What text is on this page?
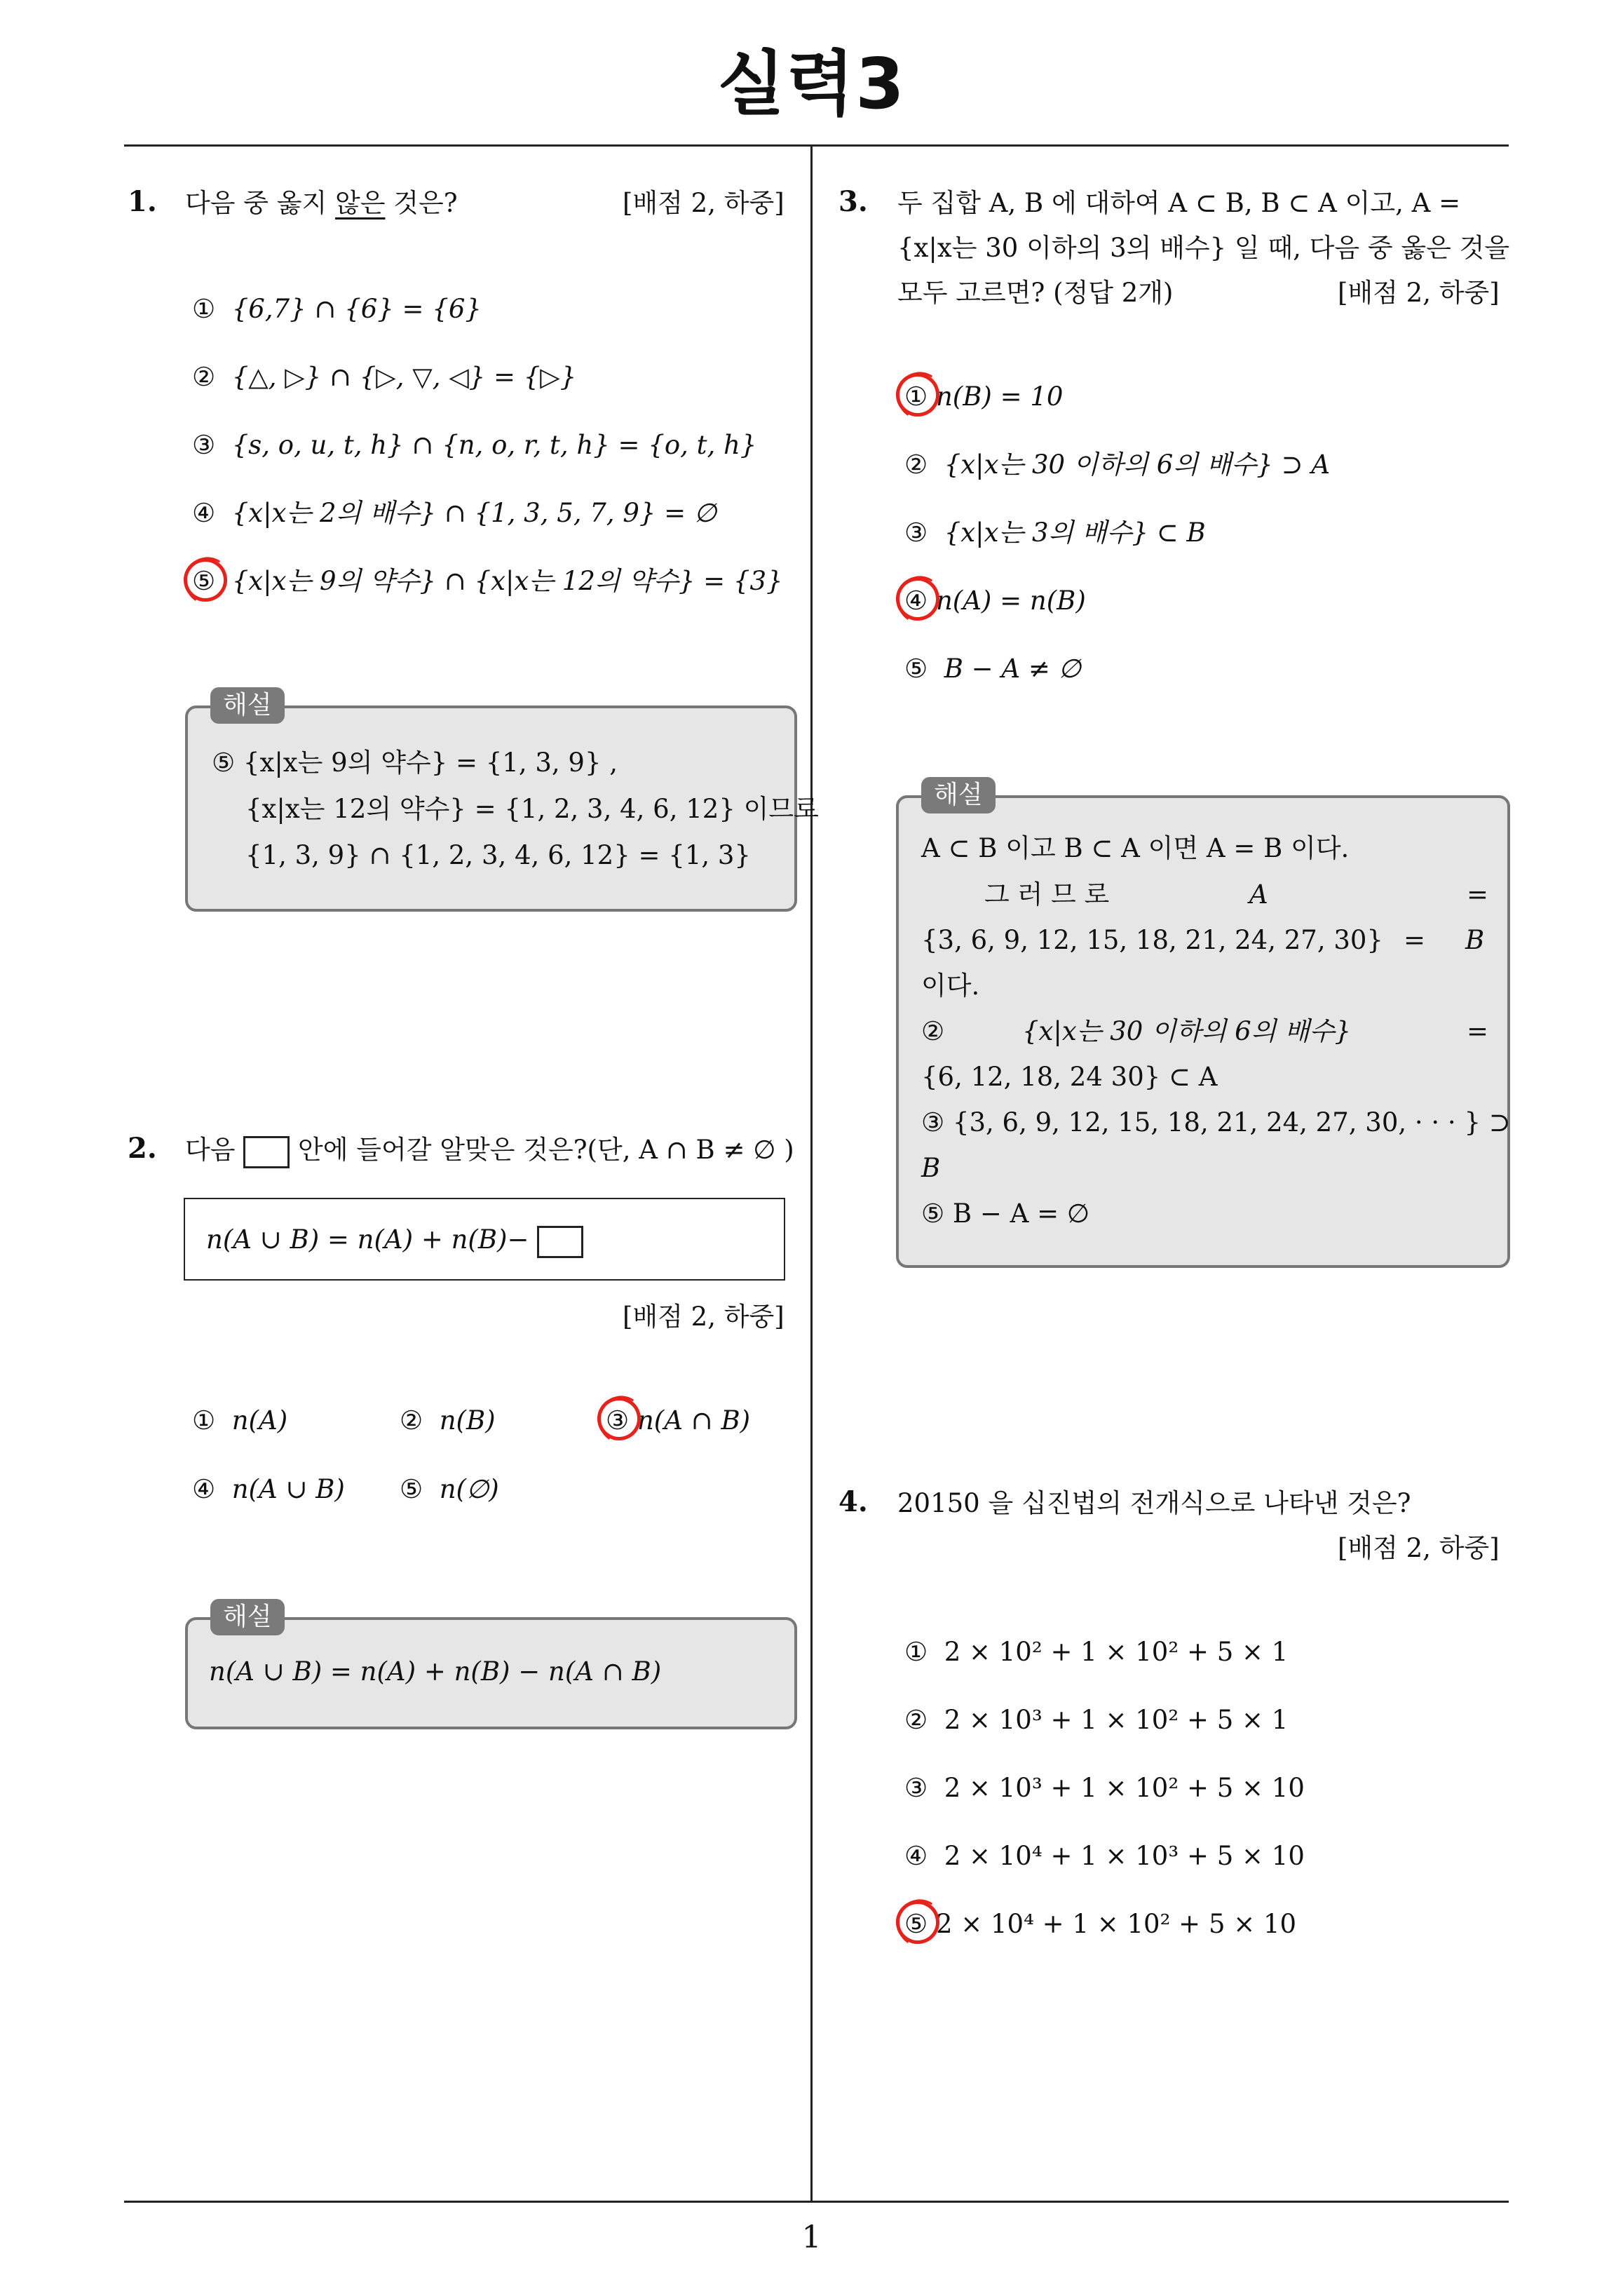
실력3
1. 다음 중 옳지 않은 것은?	[배점 2, 하중]
① {6,7} ∩ {6} = {6}
② {△, ▷} ∩ {▷, ▽, ◁} = {▷}
③ {s, o, u, t, h} ∩ {n, o, r, t, h} = {o, t, h}
④ {x|x는 2의 배수} ∩ {1, 3, 5, 7, 9} = ∅
⑤ {x|x는 9의 약수} ∩ {x|x는 12의 약수} = {3}
⑤ {x|x는 9의 약수} = {1, 3, 9} ,
{x|x는 12의 약수} = {1, 2, 3, 4, 6, 12} 이므로
{1, 3, 9} ∩ {1, 2, 3, 4, 6, 12} = {1, 3}
해설
2. 다음 안에 들어갈 알맞은 것은?(단, A ∩ B ≠ ∅ )
n(A ∪ B) = n(A) + n(B)−
[배점 2, 하중]
① n(A)	② n(B)	③ n(A ∩ B)
④ n(A ∪ B) ⑤ n(∅)
n(A ∪ B) = n(A) + n(B) − n(A ∩ B)
해설
3. 두 집합 A, B 에 대하여 A ⊂ B, B ⊂ A 이고, A =
{x|x는 30 이하의 3의 배수} 일 때, 다음 중 옳은 것을
모두 고르면? (정답 2개)	[배점 2, 하중]
① n(B) = 10
② {x|x는 30 이하의 6의 배수} ⊃ A
③ {x|x는 3의 배수} ⊂ B
④ n(A) = n(B)
⑤ B − A ≠ ∅
A ⊂ B 이고 B ⊂ A 이면 A = B 이다.
그 러 므 로	A	=
{3, 6, 9, 12, 15, 18, 21, 24, 27, 30} = B
이다.
②	{x|x는 30 이하의 6의 배수}	=
{6, 12, 18, 24 30} ⊂ A
③ {3, 6, 9, 12, 15, 18, 21, 24, 27, 30, · · · } ⊃
B
⑤ B − A = ∅
해설
4. 20150 을 십진법의 전개식으로 나타낸 것은?
[배점 2, 하중]
① 2 × 10² + 1 × 10² + 5 × 1
② 2 × 10³ + 1 × 10² + 5 × 1
③ 2 × 10³ + 1 × 10² + 5 × 10
④ 2 × 10⁴ + 1 × 10³ + 5 × 10
⑤ 2 × 10⁴ + 1 × 10² + 5 × 10
1
